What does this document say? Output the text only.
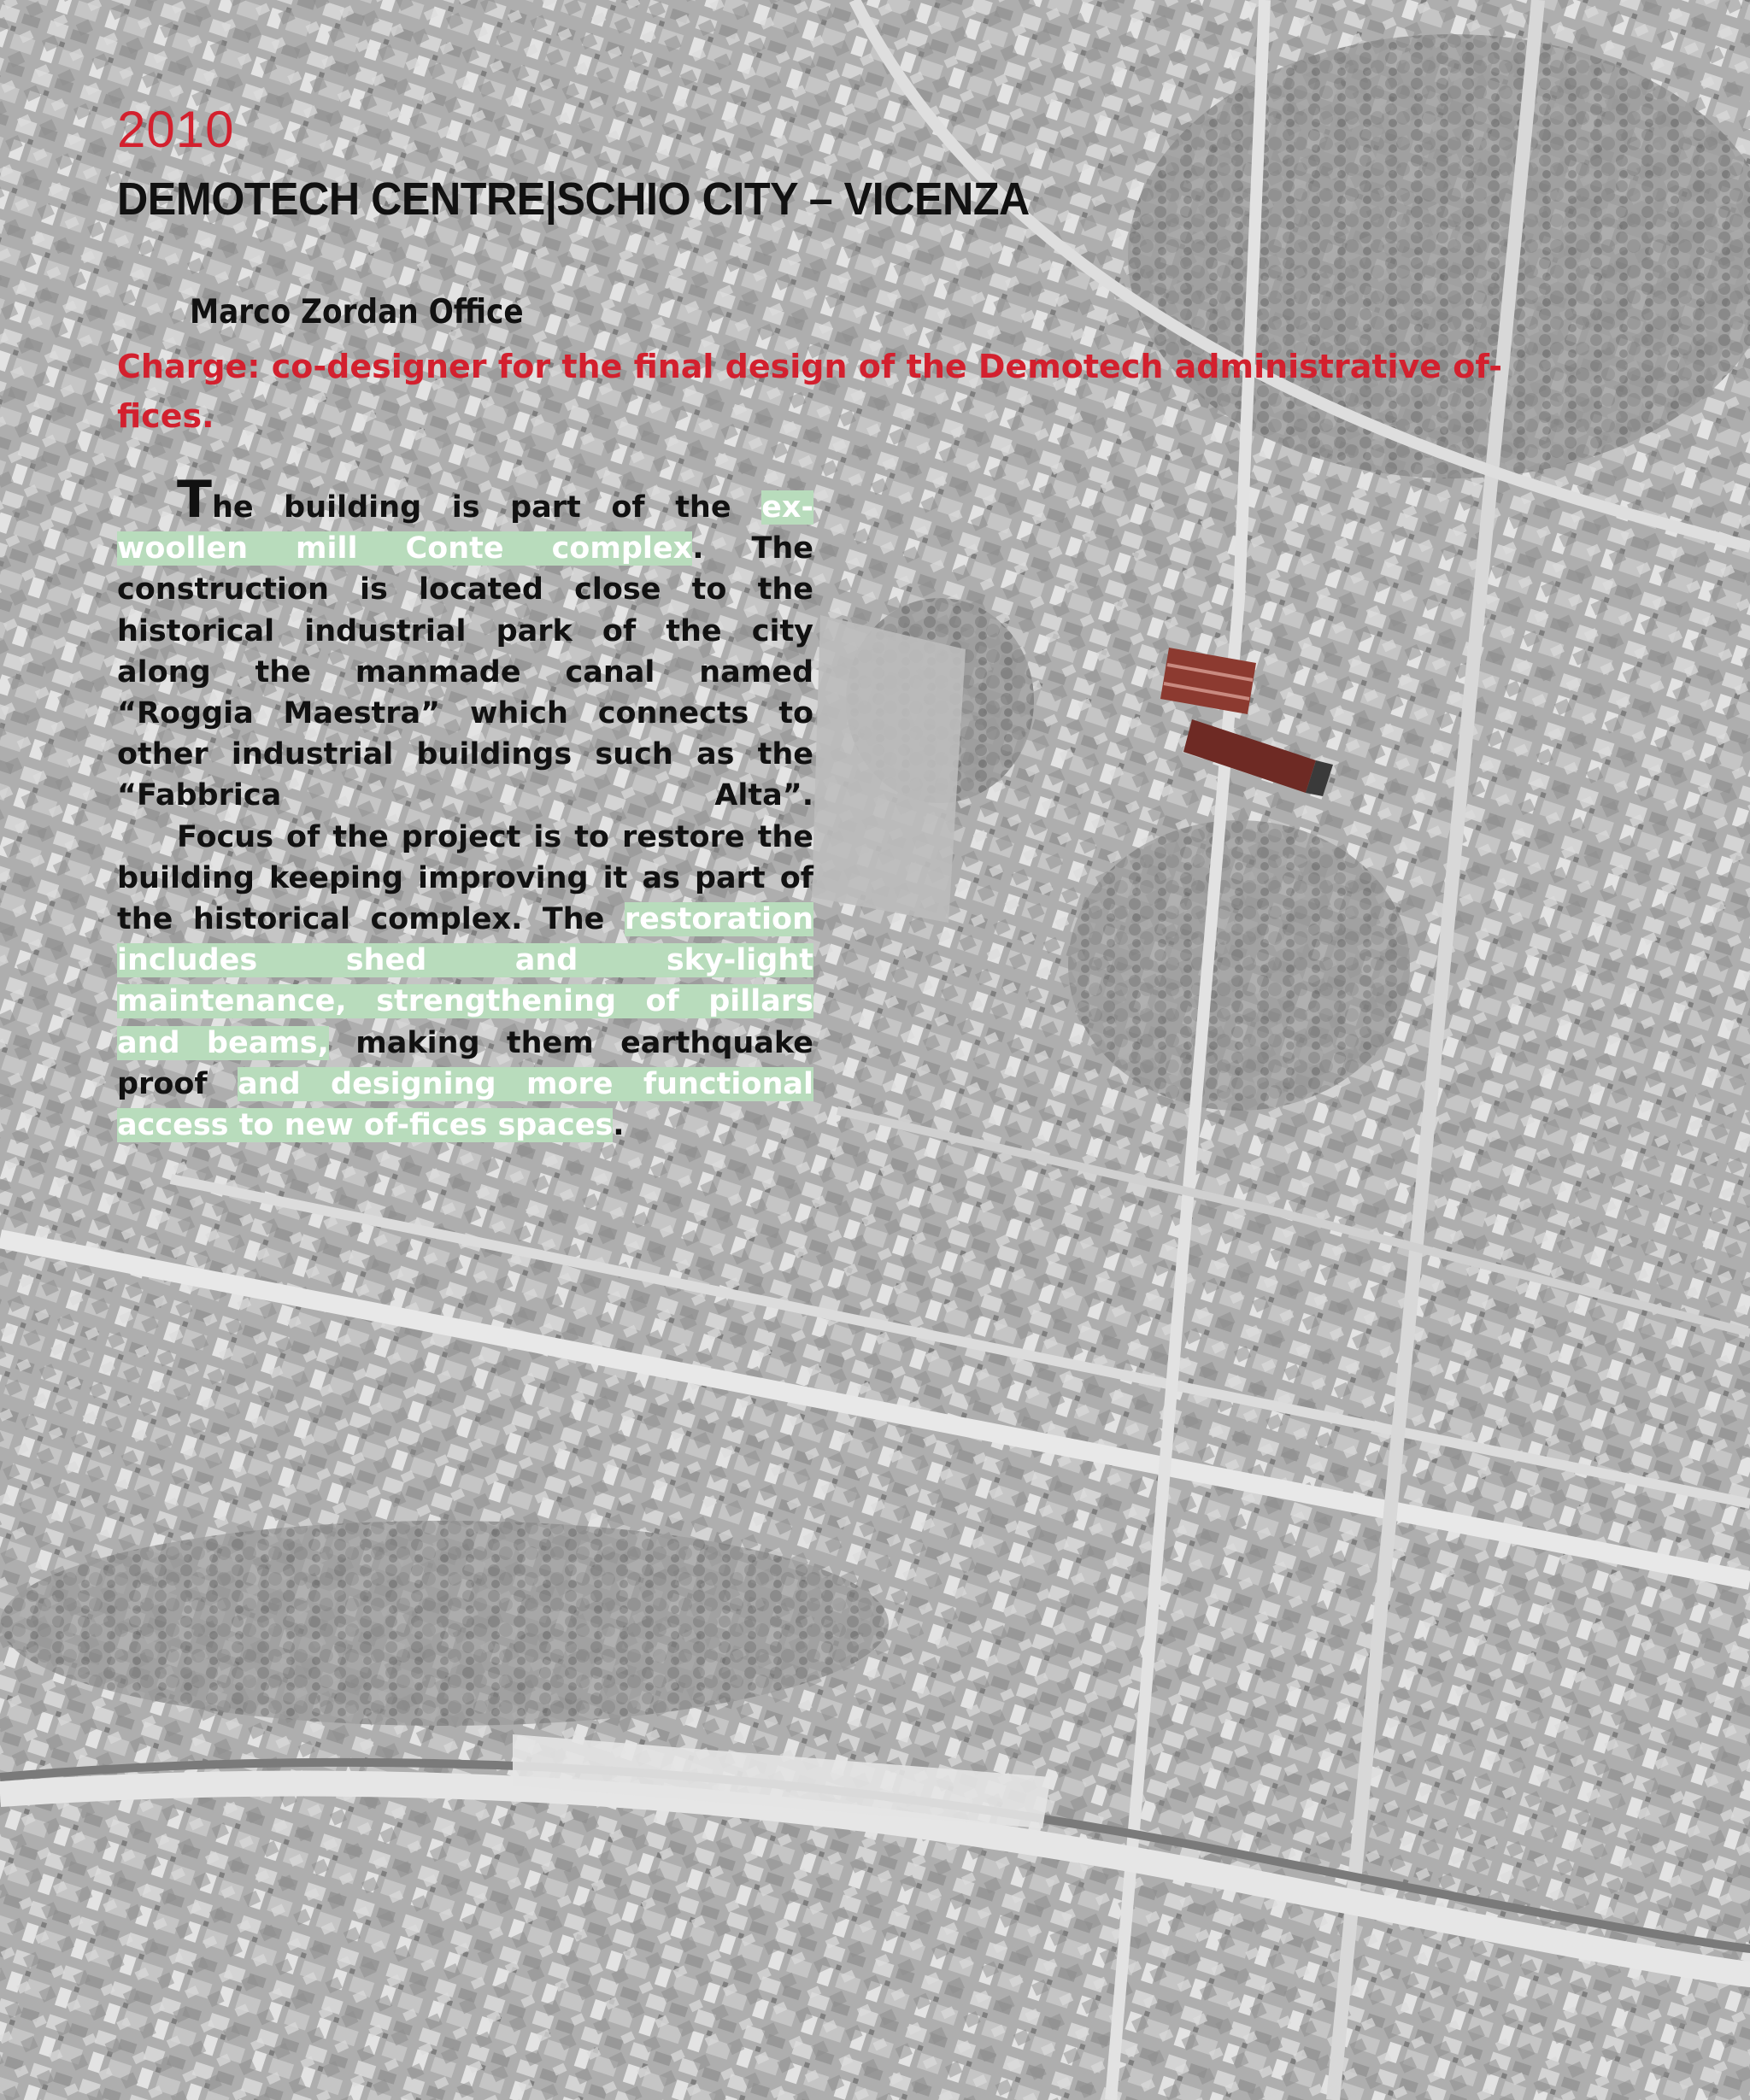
2010
DEMOTECH CENTRE|SCHIO CITY – VICENZA
Marco Zordan Office
Charge: co-designer for the final design of the Demotech administrative of-fices.

The building is part of the ex-woollen mill Conte complex. The construction is located close to the historical industrial park of the city along the manmade canal named “Roggia Maestra” which connects to other industrial buildings such as the “Fabbrica Alta”.

Focus of the project is to restore the building keeping improving it as part of the historical complex. The restoration includes shed and sky-light maintenance, strengthening of pillars and beams, making them earthquake proof and designing more functional access to new of-fices spaces.
